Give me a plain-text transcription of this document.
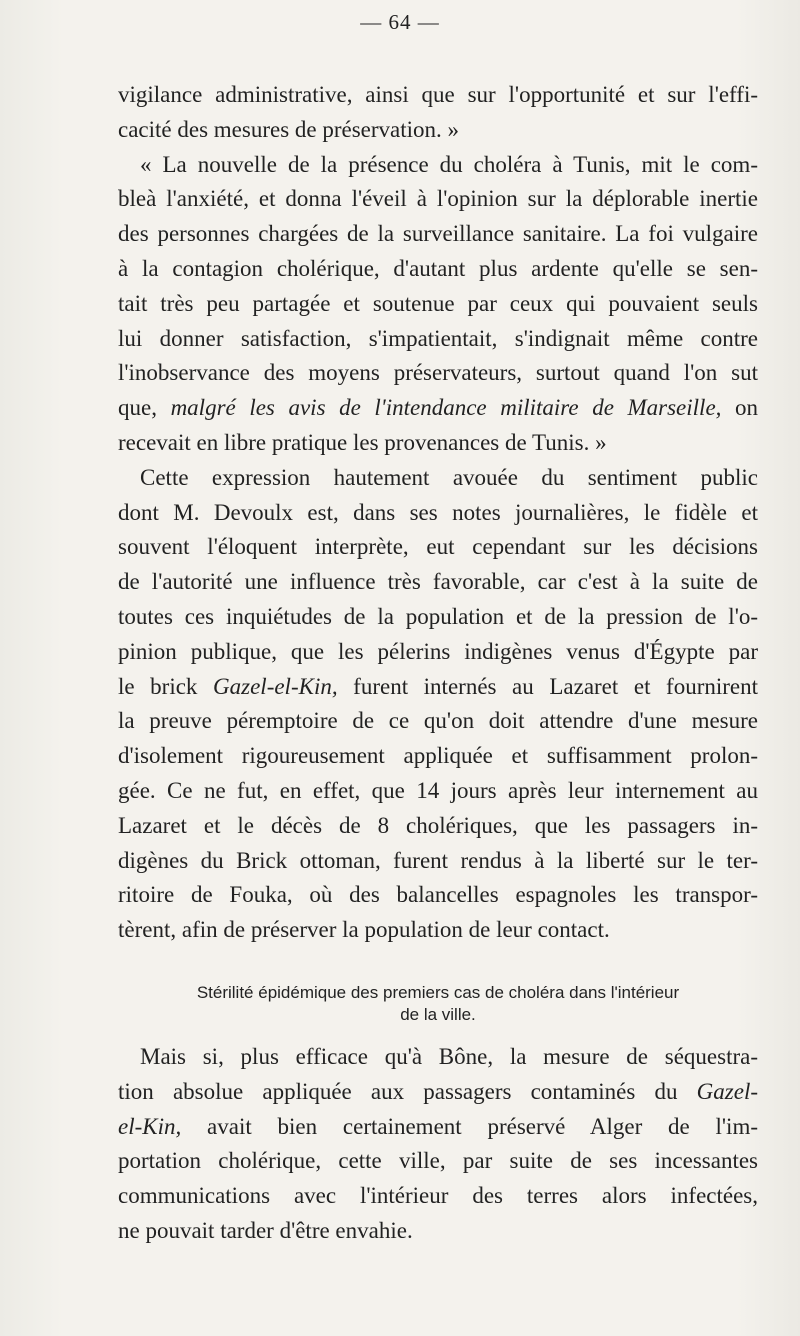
— 64 —
vigilance administrative, ainsi que sur l'opportunité et sur l'effi-
cacité des mesures de préservation. »
« La nouvelle de la présence du choléra à Tunis, mit le com-
bleà l'anxiété, et donna l'éveil à l'opinion sur la déplorable inertie
des personnes chargées de la surveillance sanitaire. La foi vulgaire
à la contagion cholérique, d'autant plus ardente qu'elle se sen-
tait très peu partagée et soutenue par ceux qui pouvaient seuls
lui donner satisfaction, s'impatientait, s'indignait même contre
l'inobservance des moyens préservateurs, surtout quand l'on sut
que, malgré les avis de l'intendance militaire de Marseille, on
recevait en libre pratique les provenances de Tunis. »
Cette expression hautement avouée du sentiment public
dont M. Devoulx est, dans ses notes journalières, le fidèle et
souvent l'éloquent interprète, eut cependant sur les décisions
de l'autorité une influence très favorable, car c'est à la suite de
toutes ces inquiétudes de la population et de la pression de l'o-
pinion publique, que les pélerins indigènes venus d'Égypte par
le brick Gazel-el-Kin, furent internés au Lazaret et fournirent
la preuve péremptoire de ce qu'on doit attendre d'une mesure
d'isolement rigoureusement appliquée et suffisamment prolon-
gée. Ce ne fut, en effet, que 14 jours après leur internement au
Lazaret et le décès de 8 cholériques, que les passagers in-
digènes du Brick ottoman, furent rendus à la liberté sur le ter-
ritoire de Fouka, où des balancelles espagnoles les transpor-
tèrent, afin de préserver la population de leur contact.
Stérilité épidémique des premiers cas de choléra dans l'intérieur
de la ville.
Mais si, plus efficace qu'à Bône, la mesure de séquestra-
tion absolue appliquée aux passagers contaminés du Gazel-
el-Kin, avait bien certainement préservé Alger de l'im-
portation cholérique, cette ville, par suite de ses incessantes
communications avec l'intérieur des terres alors infectées,
ne pouvait tarder d'être envahie.
